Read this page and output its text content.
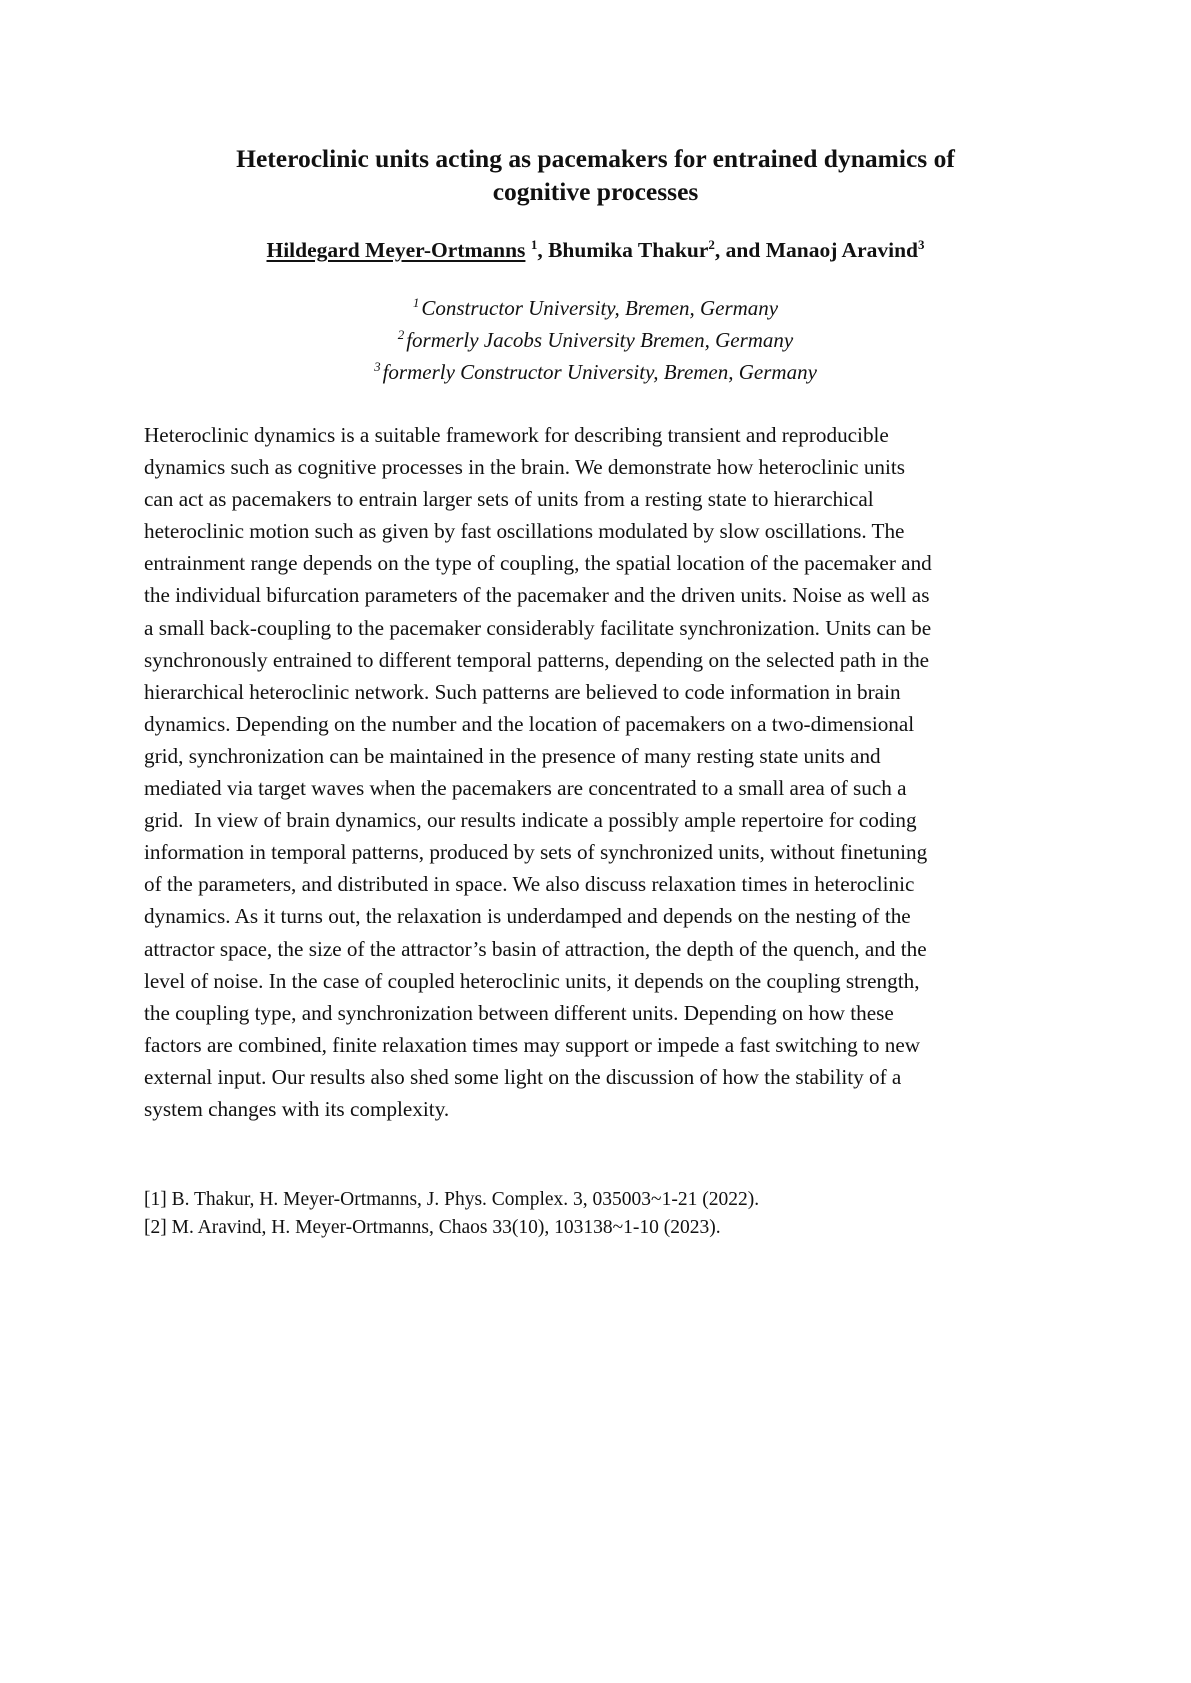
Heteroclinic units acting as pacemakers for entrained dynamics of
cognitive processes

Hildegard Meyer-Ortmanns $^1$, Bhumika Thakur$^2$, and Manaoj Aravind$^3$

$^1$Constructor University, Bremen, Germany
$^2$formerly Jacobs University Bremen, Germany
$^3$formerly Constructor University, Bremen, Germany

Heteroclinic dynamics is a suitable framework for describing transient and reproducible
dynamics such as cognitive processes in the brain. We demonstrate how heteroclinic units
can act as pacemakers to entrain larger sets of units from a resting state to hierarchical
heteroclinic motion such as given by fast oscillations modulated by slow oscillations. The
entrainment range depends on the type of coupling, the spatial location of the pacemaker and
the individual bifurcation parameters of the pacemaker and the driven units. Noise as well as
a small back-coupling to the pacemaker considerably facilitate synchronization. Units can be
synchronously entrained to different temporal patterns, depending on the selected path in the
hierarchical heteroclinic network. Such patterns are believed to code information in brain
dynamics. Depending on the number and the location of pacemakers on a two-dimensional
grid, synchronization can be maintained in the presence of many resting state units and
mediated via target waves when the pacemakers are concentrated to a small area of such a
grid.  In view of brain dynamics, our results indicate a possibly ample repertoire for coding
information in temporal patterns, produced by sets of synchronized units, without finetuning
of the parameters, and distributed in space. We also discuss relaxation times in heteroclinic
dynamics. As it turns out, the relaxation is underdamped and depends on the nesting of the
attractor space, the size of the attractor’s basin of attraction, the depth of the quench, and the
level of noise. In the case of coupled heteroclinic units, it depends on the coupling strength,
the coupling type, and synchronization between different units. Depending on how these
factors are combined, finite relaxation times may support or impede a fast switching to new
external input. Our results also shed some light on the discussion of how the stability of a
system changes with its complexity.

[1] B. Thakur, H. Meyer-Ortmanns, J. Phys. Complex. 3, 035003~1-21 (2022).
[2] M. Aravind, H. Meyer-Ortmanns, Chaos 33(10), 103138~1-10 (2023).
